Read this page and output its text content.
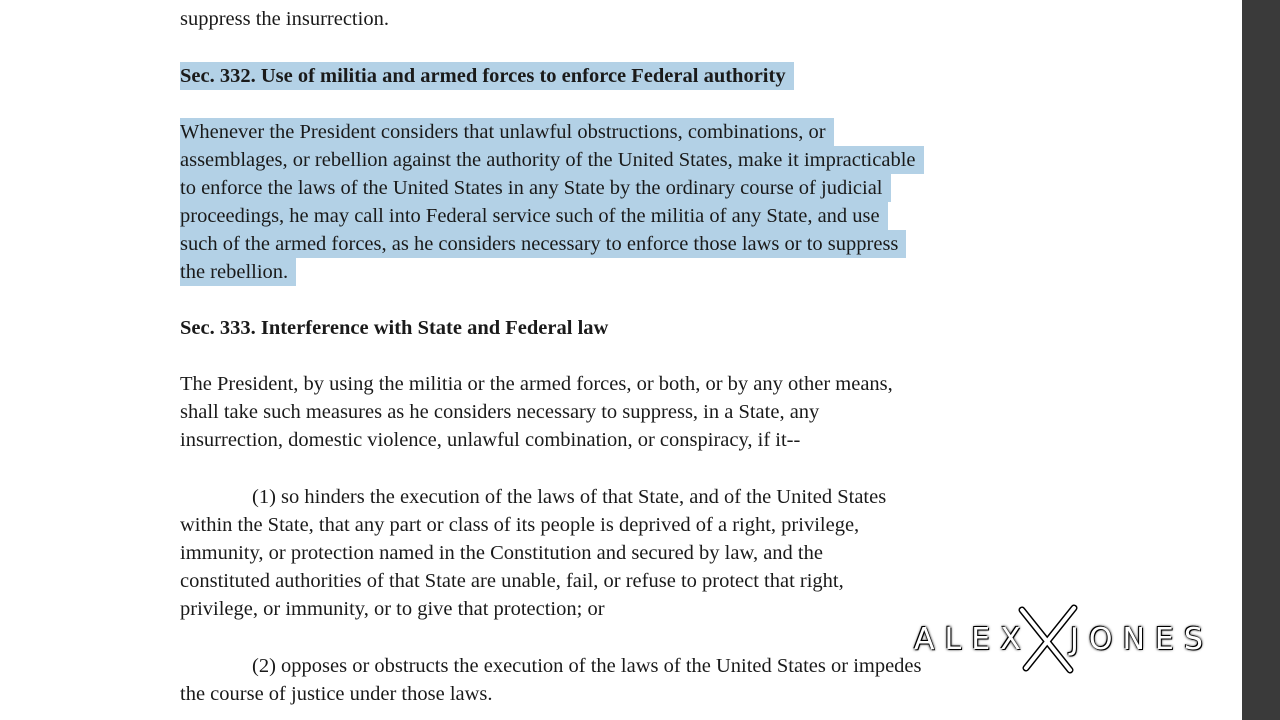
suppress the insurrection.
Sec. 332. Use of militia and armed forces to enforce Federal authority
Whenever the President considers that unlawful obstructions, combinations, or
assemblages, or rebellion against the authority of the United States, make it impracticable
to enforce the laws of the United States in any State by the ordinary course of judicial
proceedings, he may call into Federal service such of the militia of any State, and use
such of the armed forces, as he considers necessary to enforce those laws or to suppress
the rebellion.
Sec. 333. Interference with State and Federal law
The President, by using the militia or the armed forces, or both, or by any other means,
shall take such measures as he considers necessary to suppress, in a State, any
insurrection, domestic violence, unlawful combination, or conspiracy, if it--
(1) so hinders the execution of the laws of that State, and of the United States
within the State, that any part or class of its people is deprived of a right, privilege,
immunity, or protection named in the Constitution and secured by law, and the
constituted authorities of that State are unable, fail, or refuse to protect that right,
privilege, or immunity, or to give that protection; or
(2) opposes or obstructs the execution of the laws of the United States or impedes
the course of justice under those laws.
ALEX JONES
